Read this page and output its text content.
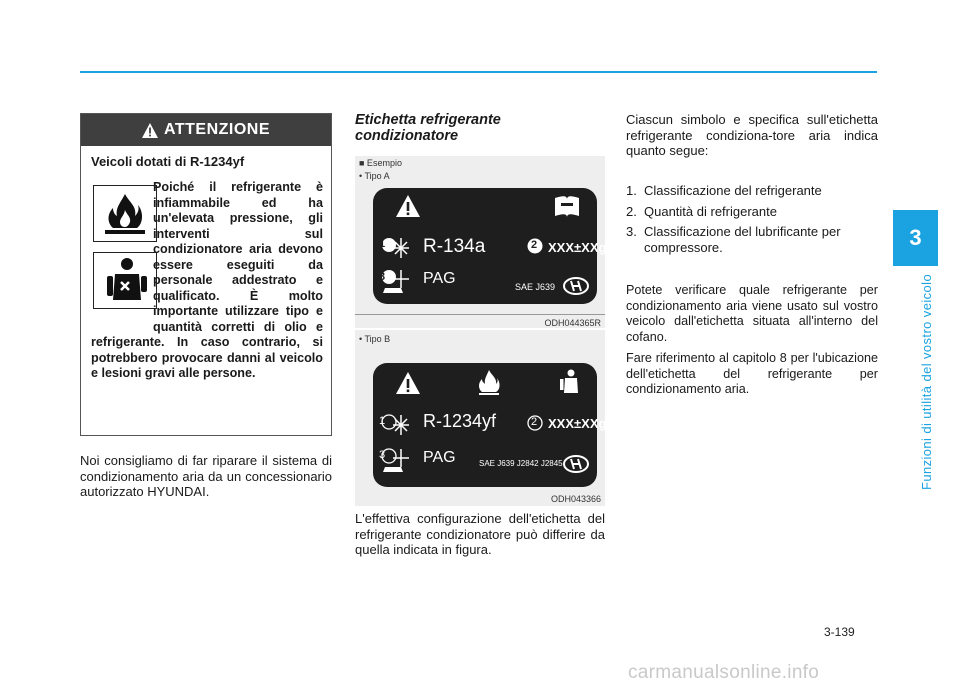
3
Funzioni di utilità del vostro veicolo
ATTENZIONE
Veicoli dotati di R-1234yf
Poiché il refrigerante è infiammabile ed ha un'elevata pressione, gli interventi sul condizionatore aria devono essere eseguiti da personale addestrato e qualificato. È molto importante utilizzare tipo e quantità corretti di olio e refrigerante. In caso contrario, si potrebbero provocare danni al veicolo e lesioni gravi alle persone.
Noi consigliamo di far riparare il sistema di condizionamento aria da un concessionario autorizzato HYUNDAI.
Etichetta refrigerante condizionatore
■ Esempio
• Tipo A
1 R-134a	2 XXX±XXg
3 PAG	SAE J639
ODH044365R
• Tipo B
1 R-1234yf	2 XXX±XXg
3 PAG	SAE J639 J2842 J2845
ODH043366
L'effettiva configurazione dell'etichetta del refrigerante condizionatore può differire da quella indicata in figura.
Ciascun simbolo e specifica sull'etichetta refrigerante condiziona-tore aria indica quanto segue:
1. Classificazione del refrigerante
2. Quantità di refrigerante
3. Classificazione del lubrificante per compressore.
Potete verificare quale refrigerante per condizionamento aria viene usato sul vostro veicolo dall'etichetta situata all'interno del cofano.
Fare riferimento al capitolo 8 per l'ubicazione dell'etichetta del refrigerante per condizionamento aria.
3-139
carmanualsonline.info
